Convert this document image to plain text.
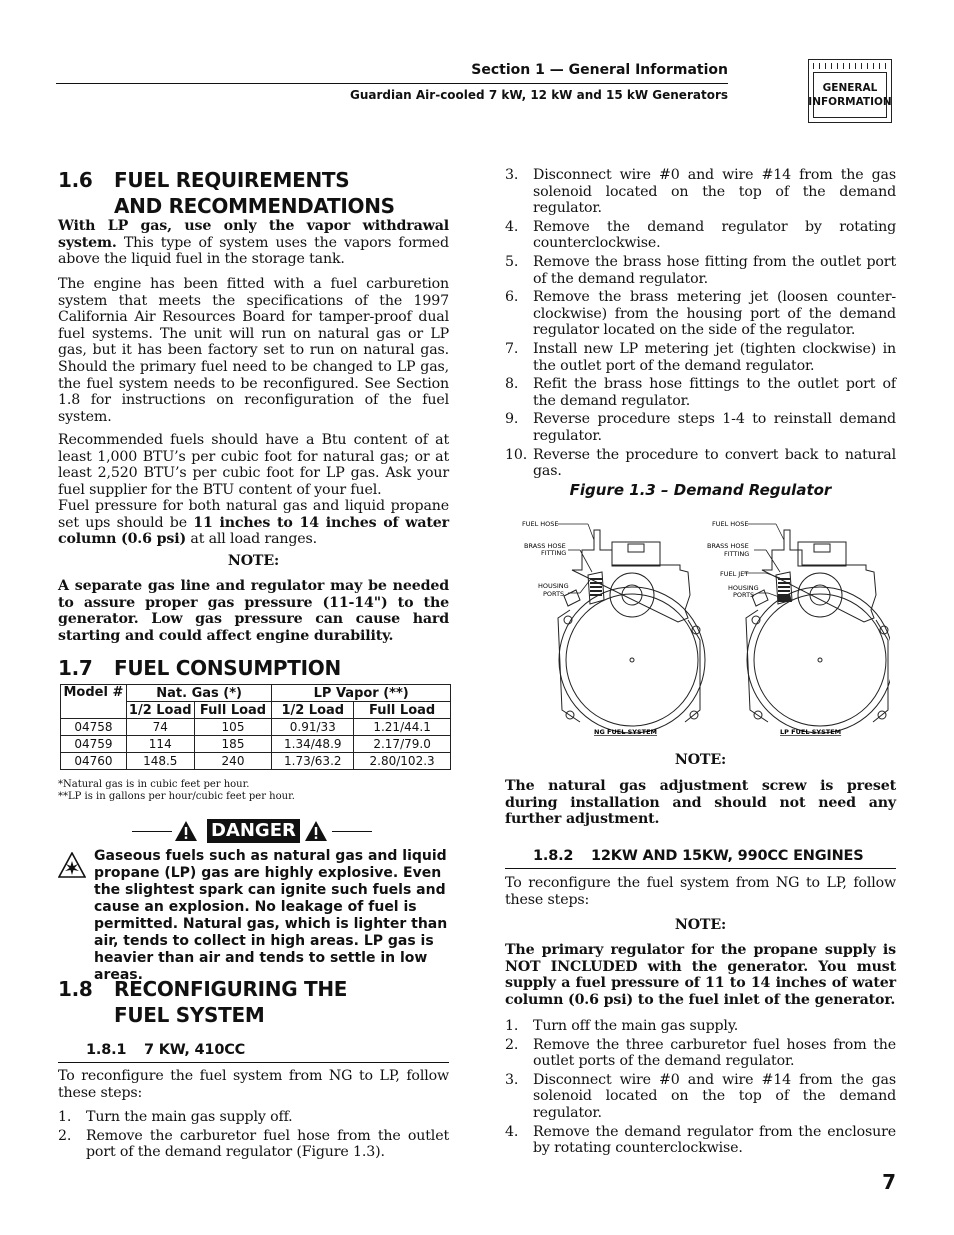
Section 1 — General Information
Guardian Air-cooled 7 kW, 12 kW and 15 kW Generators	GENERAL
INFORMATION
1.6 FUEL REQUIREMENTS
AND RECOMMENDATIONS
With LP gas, use only the vapor withdrawal system. This type of system uses the vapors formed above the liquid fuel in the storage tank.
The engine has been fitted with a fuel carburetion system that meets the specifications of the 1997 California Air Resources Board for tamper-proof dual fuel systems. The unit will run on natural gas or LP gas, but it has been factory set to run on natural gas. Should the primary fuel need to be changed to LP gas, the fuel system needs to be reconfigured. See Section 1.8 for instructions on reconfiguration of the fuel system.
Recommended fuels should have a Btu content of at least 1,000 BTU’s per cubic foot for natural gas; or at least 2,520 BTU’s per cubic foot for LP gas. Ask your fuel supplier for the BTU content of your fuel.
Fuel pressure for both natural gas and liquid propane set ups should be 11 inches to 14 inches of water column (0.6 psi) at all load ranges.
NOTE:
A separate gas line and regulator may be needed to assure proper gas pressure (11-14") to the generator. Low gas pressure can cause hard starting and could affect engine durability.
1.7 FUEL CONSUMPTION
Model #	Nat. Gas (*)		LP Vapor (**)	
	1/2 Load	Full Load	1/2 Load	Full Load
04758	74	105	0.91/33	1.21/44.1
04759	114	185	1.34/48.9	2.17/79.0
04760	148.5	240	1.73/63.2	2.80/102.3
*Natural gas is in cubic feet per hour.
**LP is in gallons per hour/cubic feet per hour.
DANGER
Gaseous fuels such as natural gas and liquid propane (LP) gas are highly explosive. Even the slightest spark can ignite such fuels and cause an explosion. No leakage of fuel is permitted. Natural gas, which is lighter than air, tends to collect in high areas. LP gas is heavier than air and tends to settle in low areas.
1.8 RECONFIGURING THE
FUEL SYSTEM
1.8.1 7 KW, 410CC
To reconfigure the fuel system from NG to LP, follow these steps:
1. Turn the main gas supply off.
2. Remove the carburetor fuel hose from the outlet port of the demand regulator (Figure 1.3).
3. Disconnect wire #0 and wire #14 from the gas solenoid located on the top of the demand regulator.
4. Remove the demand regulator by rotating counterclockwise.
5. Remove the brass hose fitting from the outlet port of the demand regulator.
6. Remove the brass metering jet (loosen counter-clockwise) from the housing port of the demand regulator located on the side of the regulator.
7. Install new LP metering jet (tighten clockwise) in the outlet port of the demand regulator.
8. Refit the brass hose fittings to the outlet port of the demand regulator.
9. Reverse procedure steps 1-4 to reinstall demand regulator.
10. Reverse the procedure to convert back to natural gas.
Figure 1.3 – Demand Regulator
FUEL HOSE
BRASS HOSE
FITTING
HOUSING
PORTS
NG FUEL SYSTEM
FUEL HOSE
BRASS HOSE
FITTING
FUEL JET
HOUSING
PORTS
LP FUEL SYSTEM
NOTE:
The natural gas adjustment screw is preset during installation and should not need any further adjustment.
1.8.2 12KW AND 15KW, 990CC ENGINES
To reconfigure the fuel system from NG to LP, follow these steps:
NOTE:
The primary regulator for the propane supply is NOT INCLUDED with the generator. You must supply a fuel pressure of 11 to 14 inches of water column (0.6 psi) to the fuel inlet of the generator.
1. Turn off the main gas supply.
2. Remove the three carburetor fuel hoses from the outlet ports of the demand regulator.
3. Disconnect wire #0 and wire #14 from the gas solenoid located on the top of the demand regulator.
4. Remove the demand regulator from the enclosure by rotating counterclockwise.
7
